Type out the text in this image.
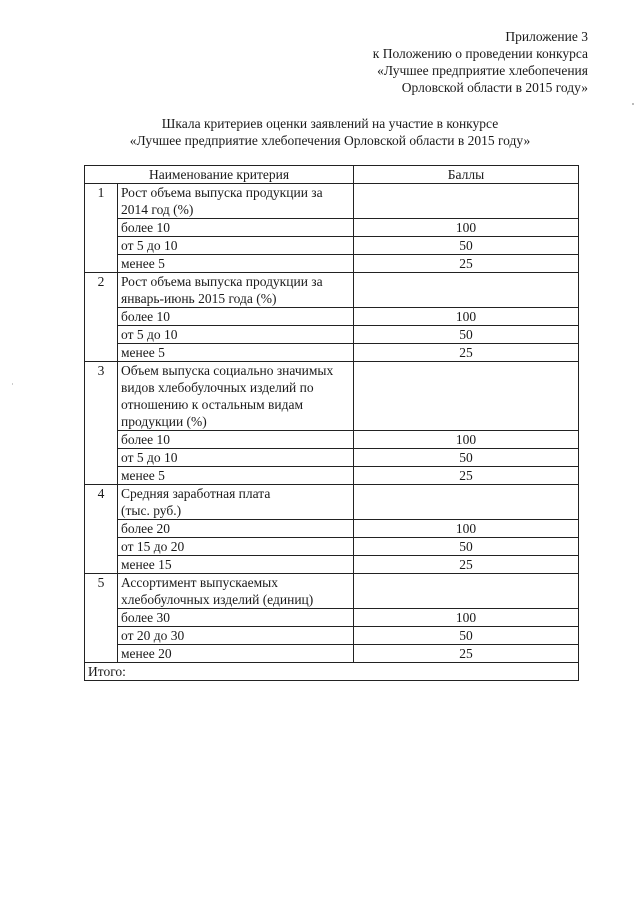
Приложение 3
к Положению о проведении конкурса
«Лучшее предприятие хлебопечения
Орловской области в 2015 году»
Шкала критериев оценки заявлений на участие в конкурсе
«Лучшее предприятие хлебопечения Орловской области в 2015 году»
Наименование критерия		Баллы
1	Рост объема выпуска продукции за
2014 год (%)	

	более 10	100
	от 5 до 10	50
	менее 5	25
2	Рост объема выпуска продукции за
январь-июнь 2015 года (%)	

	более 10	100
	от 5 до 10	50
	менее 5	25
3	Объем выпуска социально значимых
видов хлебобулочных изделий по
отношению к остальным видам
продукции (%)	

	более 10	100
	от 5 до 10	50
	менее 5	25
4	Средняя заработная плата
(тыс. руб.)	

	более 20	100
	от 15 до 20	50
	менее 15	25
5	Ассортимент выпускаемых
хлебобулочных изделий (единиц)	

	более 30	100
	от 20 до 30	50
	менее 20	25
Итого:		
